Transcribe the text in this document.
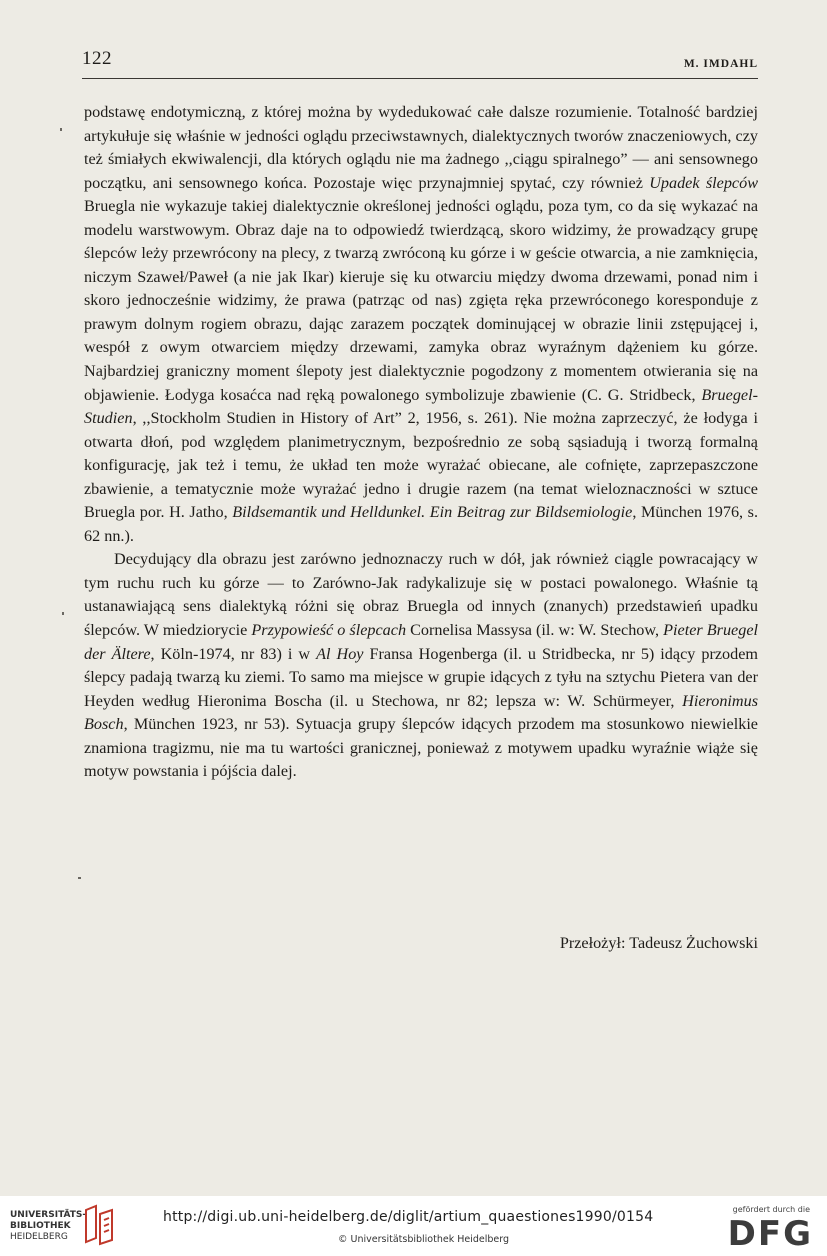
122	M. IMDAHL

podstawę endotymiczną, z której można by wydedukować całe dalsze rozumienie. Totalność bardziej artykułuje się właśnie w jedności oglądu przeciwstawnych, dialektycznych tworów znaczeniowych, czy też śmiałych ekwiwalencji, dla których oglądu nie ma żadnego ,,ciągu spiralnego” — ani sensownego początku, ani sensownego końca. Pozostaje więc przynajmniej spytać, czy również Upadek ślepców Bruegla nie wykazuje takiej dialektycznie określonej jedności oglądu, poza tym, co da się wykazać na modelu warstwowym. Obraz daje na to odpowiedź twierdzącą, skoro widzimy, że prowadzący grupę ślepców leży przewrócony na plecy, z twarzą zwróconą ku górze i w geście otwarcia, a nie zamknięcia, niczym Szaweł/Paweł (a nie jak Ikar) kieruje się ku otwarciu między dwoma drzewami, ponad nim i skoro jednocześnie widzimy, że prawa (patrząc od nas) zgięta ręka przewróconego koresponduje z prawym dolnym rogiem obrazu, dając zarazem początek dominującej w obrazie linii zstępującej i, wespół z owym otwarciem między drzewami, zamyka obraz wyraźnym dążeniem ku górze. Najbardziej graniczny moment ślepoty jest dialektycznie pogodzony z momentem otwierania się na objawienie. Łodyga kosaćca nad ręką powalonego symbolizuje zbawienie (C. G. Stridbeck, Bruegel-Studien, ,,Stockholm Studien in History of Art” 2, 1956, s. 261). Nie można zaprzeczyć, że łodyga i otwarta dłoń, pod względem planimetrycznym, bezpośrednio ze sobą sąsiadują i tworzą formalną konfigurację, jak też i temu, że układ ten może wyrażać obiecane, ale cofnięte, zaprzepaszczone zbawienie, a tematycznie może wyrażać jedno i drugie razem (na temat wieloznaczności w sztuce Bruegla por. H. Jatho, Bildsemantik und Helldunkel. Ein Beitrag zur Bildsemiologie, München 1976, s. 62 nn.).

Decydujący dla obrazu jest zarówno jednoznaczy ruch w dół, jak również ciągle powracający w tym ruchu ruch ku górze — to Zarówno-Jak radykalizuje się w postaci powalonego. Właśnie tą ustanawiającą sens dialektyką różni się obraz Bruegla od innych (znanych) przedstawień upadku ślepców. W miedziorycie Przypowieść o ślepcach Cornelisa Massysa (il. w: W. Stechow, Pieter Bruegel der Ältere, Köln-1974, nr 83) i w Al Hoy Fransa Hogenberga (il. u Stridbecka, nr 5) idący przodem ślepcy padają twarzą ku ziemi. To samo ma miejsce w grupie idących z tyłu na sztychu Pietera van der Heyden według Hieronima Boscha (il. u Stechowa, nr 82; lepsza w: W. Schürmeyer, Hieronimus Bosch, München 1923, nr 53). Sytuacja grupy ślepców idących przodem ma stosunkowo niewielkie znamiona tragizmu, nie ma tu wartości granicznej, ponieważ z motywem upadku wyraźnie wiąże się motyw powstania i pójścia dalej.

Przełożył: Tadeusz Żuchowski
UNIVERSITÄTS-
BIBLIOTHEK
HEIDELBERG
http://digi.ub.uni-heidelberg.de/diglit/artium_quaestiones1990/0154
© Universitätsbibliothek Heidelberg
gefördert durch die
DFG
